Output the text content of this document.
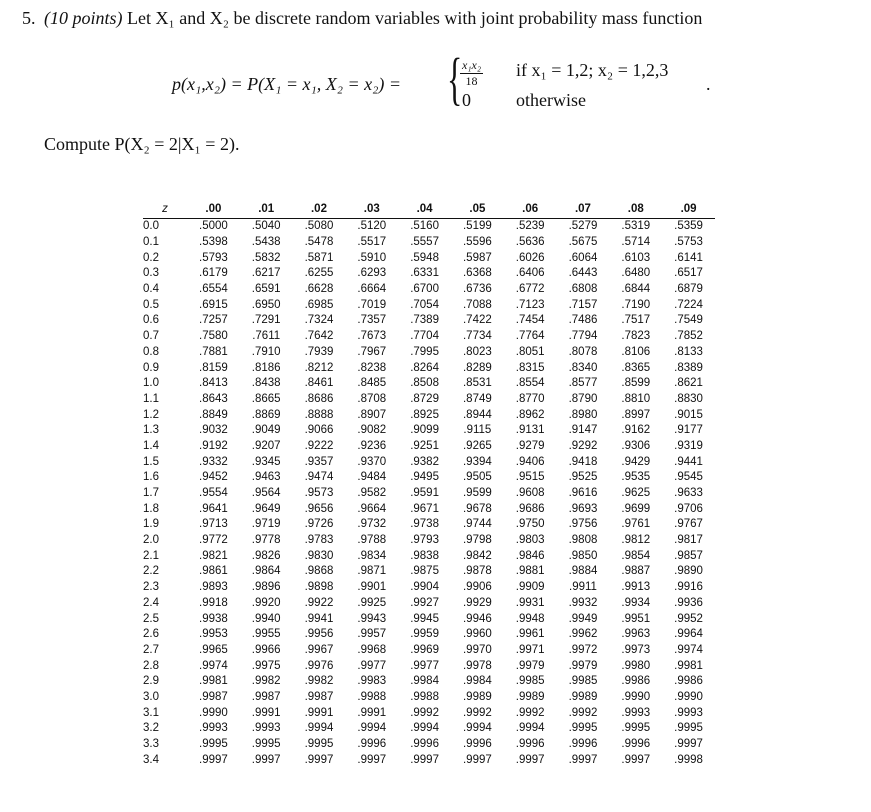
5. (10 points) Let X₁ and X₂ be discrete random variables with joint probability mass function
p(x₁,x₂) = P(X₁ = x₁, X₂ = x₂) = {
$\frac{\text{x₁x₂}}{18}$ if x₁ = 1,2; x₂ = 1,2,3
0	otherwise
.
Compute P(X₂ = 2|X₁ = 2).
z	.00	.01	.02	.03	.04	.05	.06	.07	.08	.09
0.0	.5000	.5040	.5080	.5120	.5160	.5199	.5239	.5279	.5319	.5359
0.1	.5398	.5438	.5478	.5517	.5557	.5596	.5636	.5675	.5714	.5753
0.2	.5793	.5832	.5871	.5910	.5948	.5987	.6026	.6064	.6103	.6141
0.3	.6179	.6217	.6255	.6293	.6331	.6368	.6406	.6443	.6480	.6517
0.4	.6554	.6591	.6628	.6664	.6700	.6736	.6772	.6808	.6844	.6879
0.5	.6915	.6950	.6985	.7019	.7054	.7088	.7123	.7157	.7190	.7224
0.6	.7257	.7291	.7324	.7357	.7389	.7422	.7454	.7486	.7517	.7549
0.7	.7580	.7611	.7642	.7673	.7704	.7734	.7764	.7794	.7823	.7852
0.8	.7881	.7910	.7939	.7967	.7995	.8023	.8051	.8078	.8106	.8133
0.9	.8159	.8186	.8212	.8238	.8264	.8289	.8315	.8340	.8365	.8389
1.0	.8413	.8438	.8461	.8485	.8508	.8531	.8554	.8577	.8599	.8621
1.1	.8643	.8665	.8686	.8708	.8729	.8749	.8770	.8790	.8810	.8830
1.2	.8849	.8869	.8888	.8907	.8925	.8944	.8962	.8980	.8997	.9015
1.3	.9032	.9049	.9066	.9082	.9099	.9115	.9131	.9147	.9162	.9177
1.4	.9192	.9207	.9222	.9236	.9251	.9265	.9279	.9292	.9306	.9319
1.5	.9332	.9345	.9357	.9370	.9382	.9394	.9406	.9418	.9429	.9441
1.6	.9452	.9463	.9474	.9484	.9495	.9505	.9515	.9525	.9535	.9545
1.7	.9554	.9564	.9573	.9582	.9591	.9599	.9608	.9616	.9625	.9633
1.8	.9641	.9649	.9656	.9664	.9671	.9678	.9686	.9693	.9699	.9706
1.9	.9713	.9719	.9726	.9732	.9738	.9744	.9750	.9756	.9761	.9767
2.0	.9772	.9778	.9783	.9788	.9793	.9798	.9803	.9808	.9812	.9817
2.1	.9821	.9826	.9830	.9834	.9838	.9842	.9846	.9850	.9854	.9857
2.2	.9861	.9864	.9868	.9871	.9875	.9878	.9881	.9884	.9887	.9890
2.3	.9893	.9896	.9898	.9901	.9904	.9906	.9909	.9911	.9913	.9916
2.4	.9918	.9920	.9922	.9925	.9927	.9929	.9931	.9932	.9934	.9936
2.5	.9938	.9940	.9941	.9943	.9945	.9946	.9948	.9949	.9951	.9952
2.6	.9953	.9955	.9956	.9957	.9959	.9960	.9961	.9962	.9963	.9964
2.7	.9965	.9966	.9967	.9968	.9969	.9970	.9971	.9972	.9973	.9974
2.8	.9974	.9975	.9976	.9977	.9977	.9978	.9979	.9979	.9980	.9981
2.9	.9981	.9982	.9982	.9983	.9984	.9984	.9985	.9985	.9986	.9986
3.0	.9987	.9987	.9987	.9988	.9988	.9989	.9989	.9989	.9990	.9990
3.1	.9990	.9991	.9991	.9991	.9992	.9992	.9992	.9992	.9993	.9993
3.2	.9993	.9993	.9994	.9994	.9994	.9994	.9994	.9995	.9995	.9995
3.3	.9995	.9995	.9995	.9996	.9996	.9996	.9996	.9996	.9996	.9997
3.4	.9997	.9997	.9997	.9997	.9997	.9997	.9997	.9997	.9997	.9998
